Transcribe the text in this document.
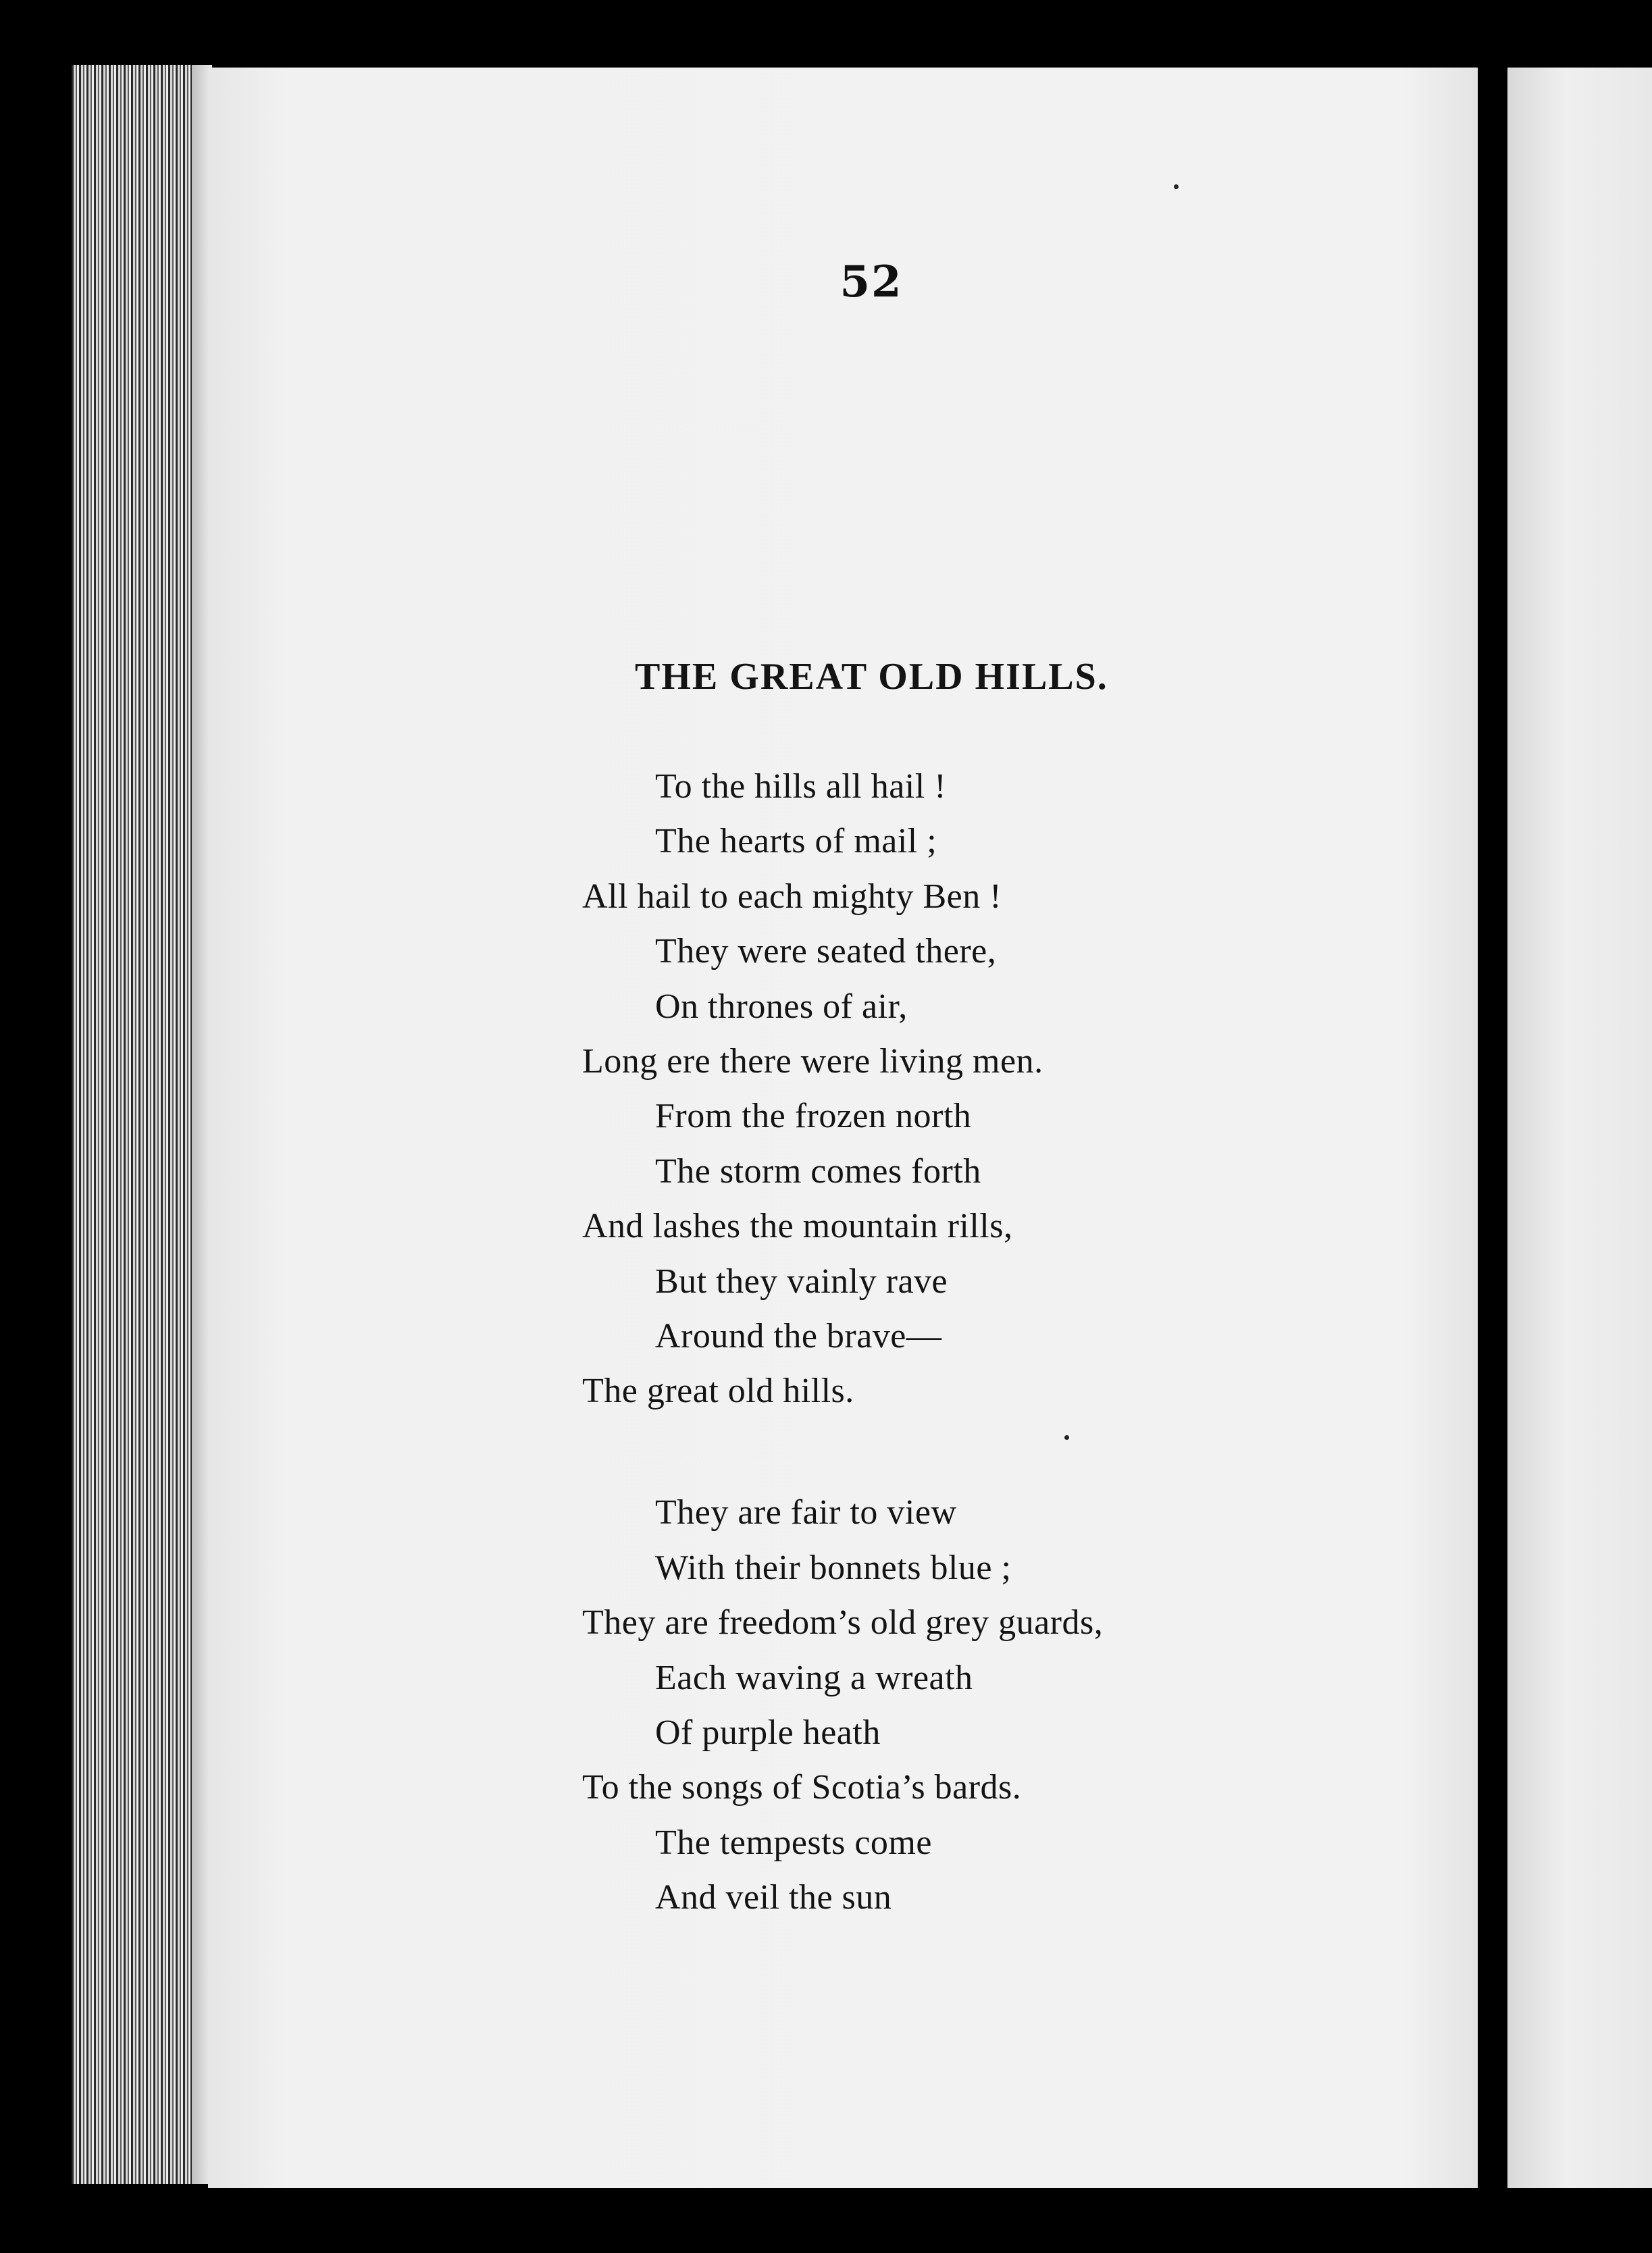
52
THE GREAT OLD HILLS.
To the hills all hail !
The hearts of mail ;
All hail to each mighty Ben !
They were seated there,
On thrones of air,
Long ere there were living men.
From the frozen north
The storm comes forth
And lashes the mountain rills,
But they vainly rave
Around the brave—
The great old hills.
They are fair to view
With their bonnets blue ;
They are freedom’s old grey guards,
Each waving a wreath
Of purple heath
To the songs of Scotia’s bards.
The tempests come
And veil the sun
